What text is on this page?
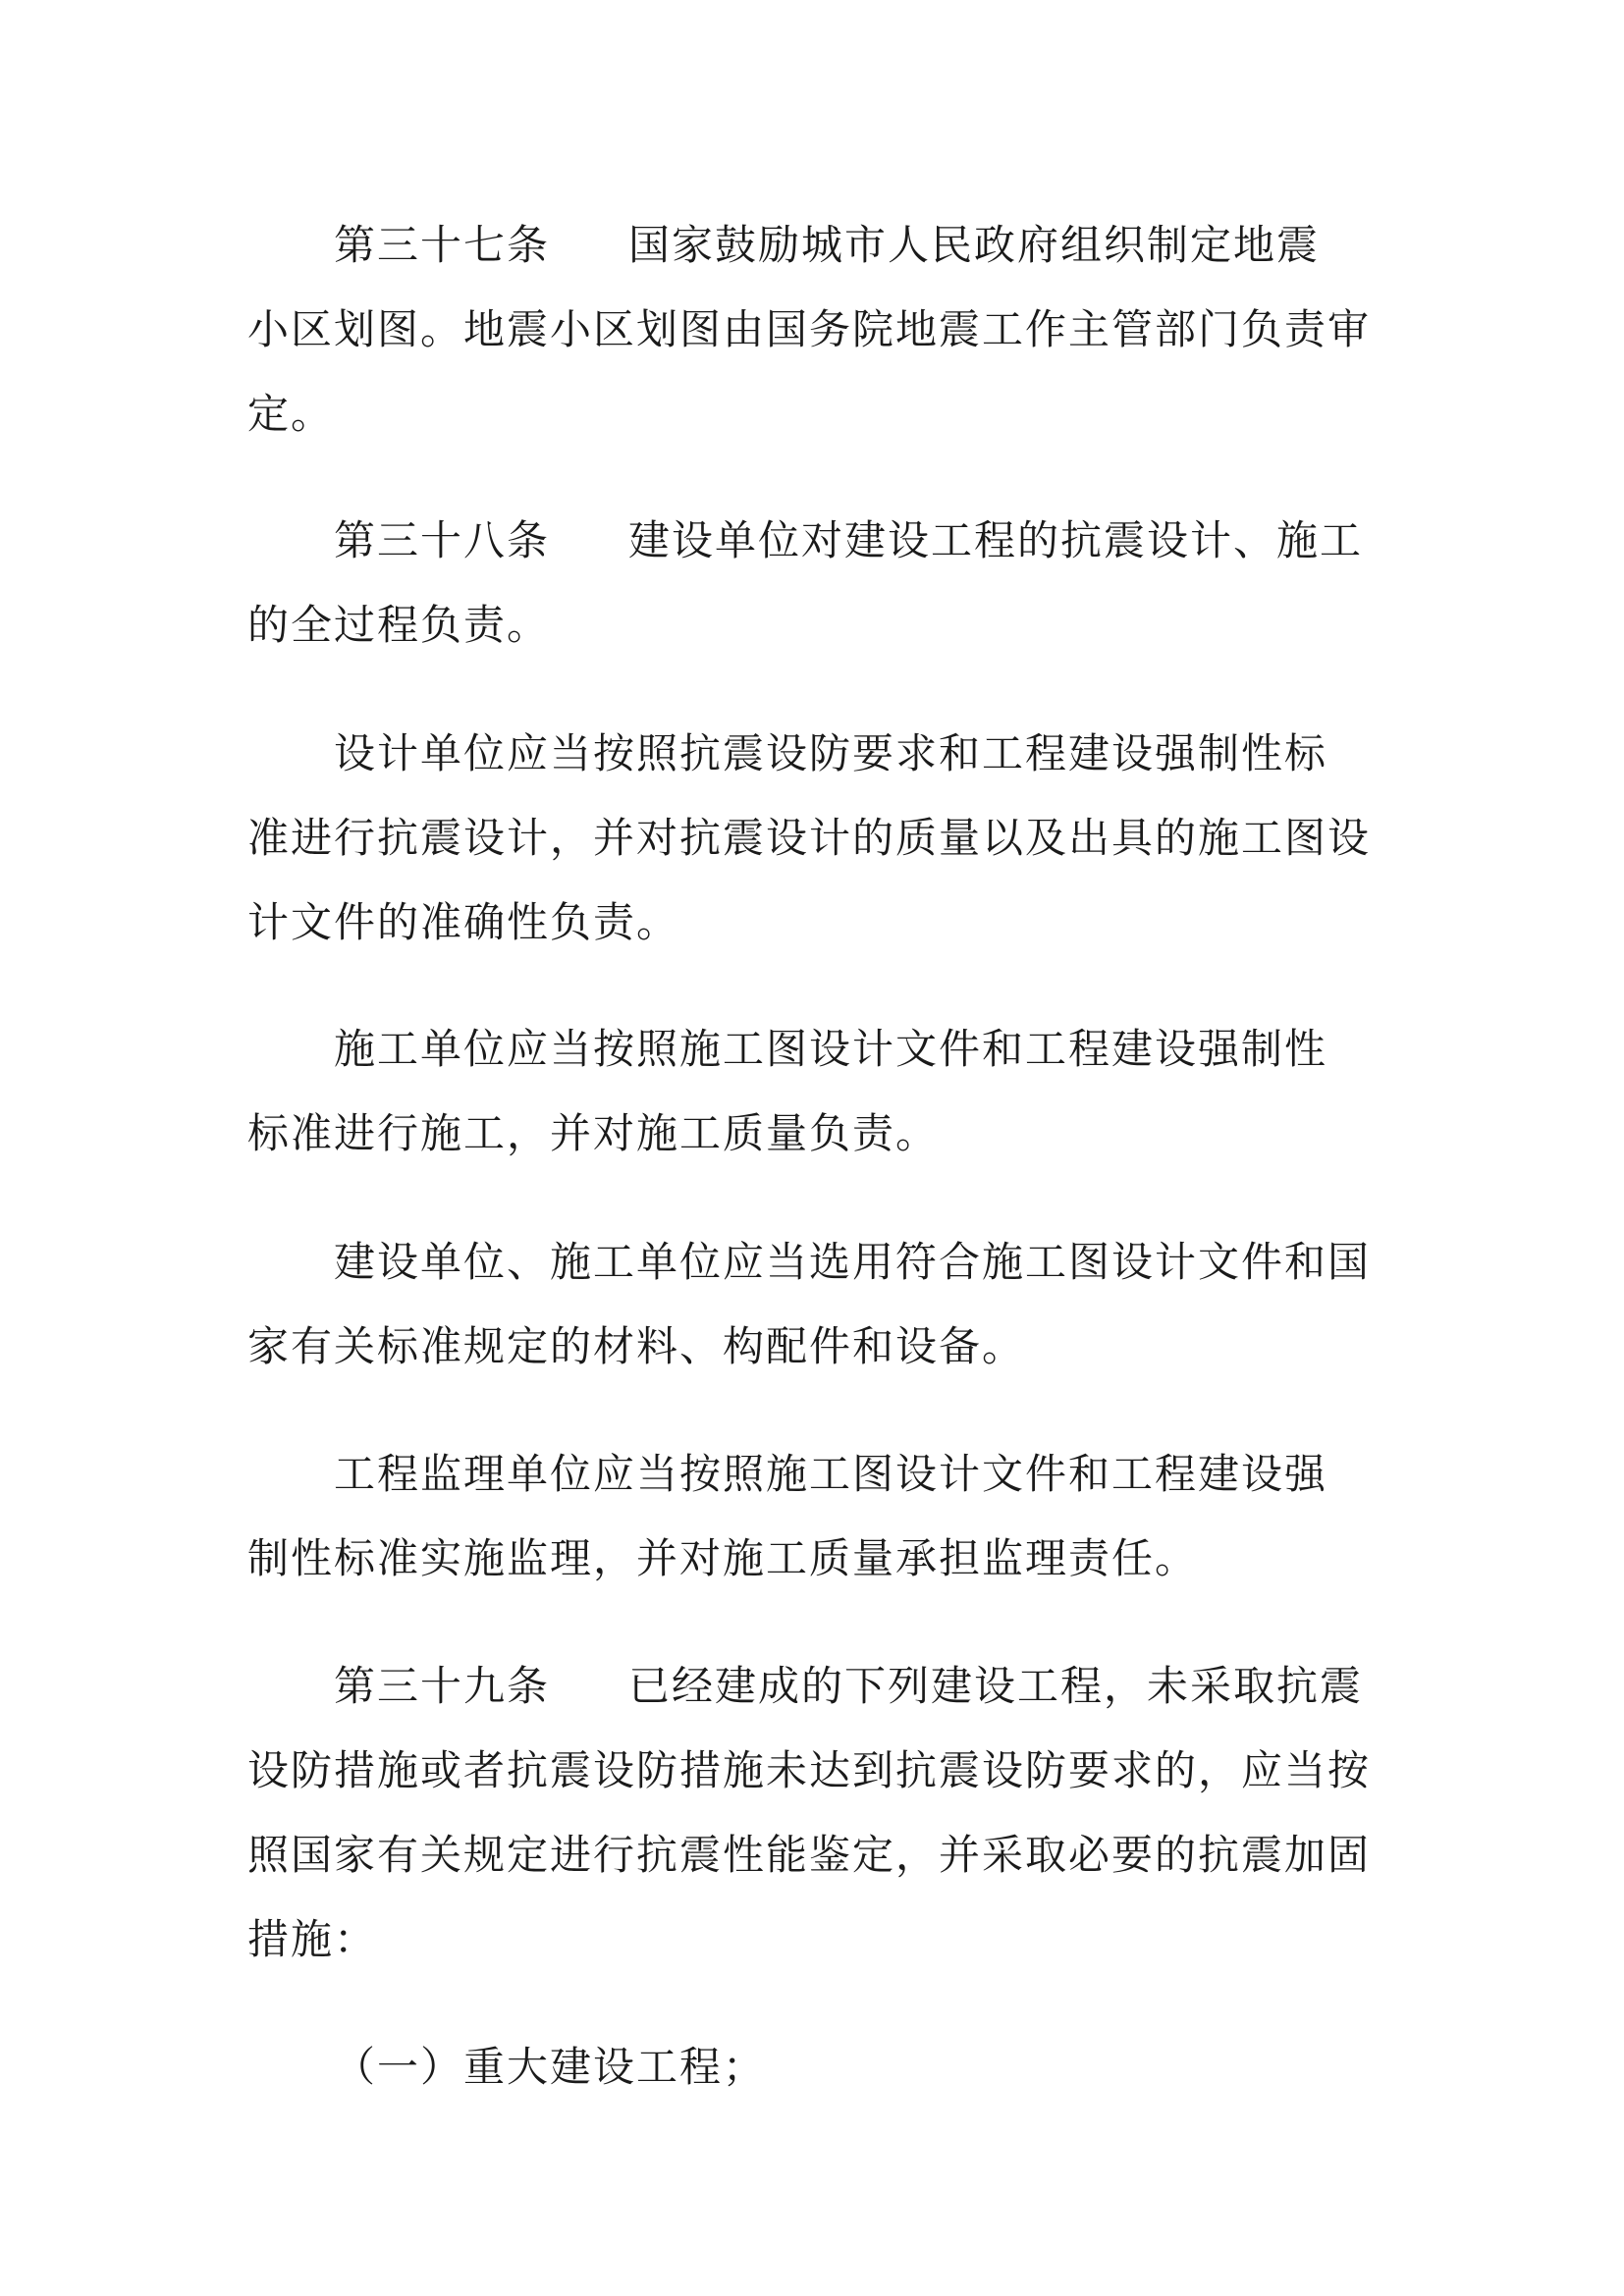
第三十七条 国家鼓励城市人民政府组织制定地震
小区划图。地震小区划图由国务院地震工作主管部门负责审
定。
第三十八条 建设单位对建设工程的抗震设计、施工
的全过程负责。
设计单位应当按照抗震设防要求和工程建设强制性标
准进行抗震设计，并对抗震设计的质量以及出具的施工图设
计文件的准确性负责。
施工单位应当按照施工图设计文件和工程建设强制性
标准进行施工，并对施工质量负责。
建设单位、施工单位应当选用符合施工图设计文件和国
家有关标准规定的材料、构配件和设备。
工程监理单位应当按照施工图设计文件和工程建设强
制性标准实施监理，并对施工质量承担监理责任。
第三十九条 已经建成的下列建设工程，未采取抗震
设防措施或者抗震设防措施未达到抗震设防要求的，应当按
照国家有关规定进行抗震性能鉴定，并采取必要的抗震加固
措施：
（一）重大建设工程；
